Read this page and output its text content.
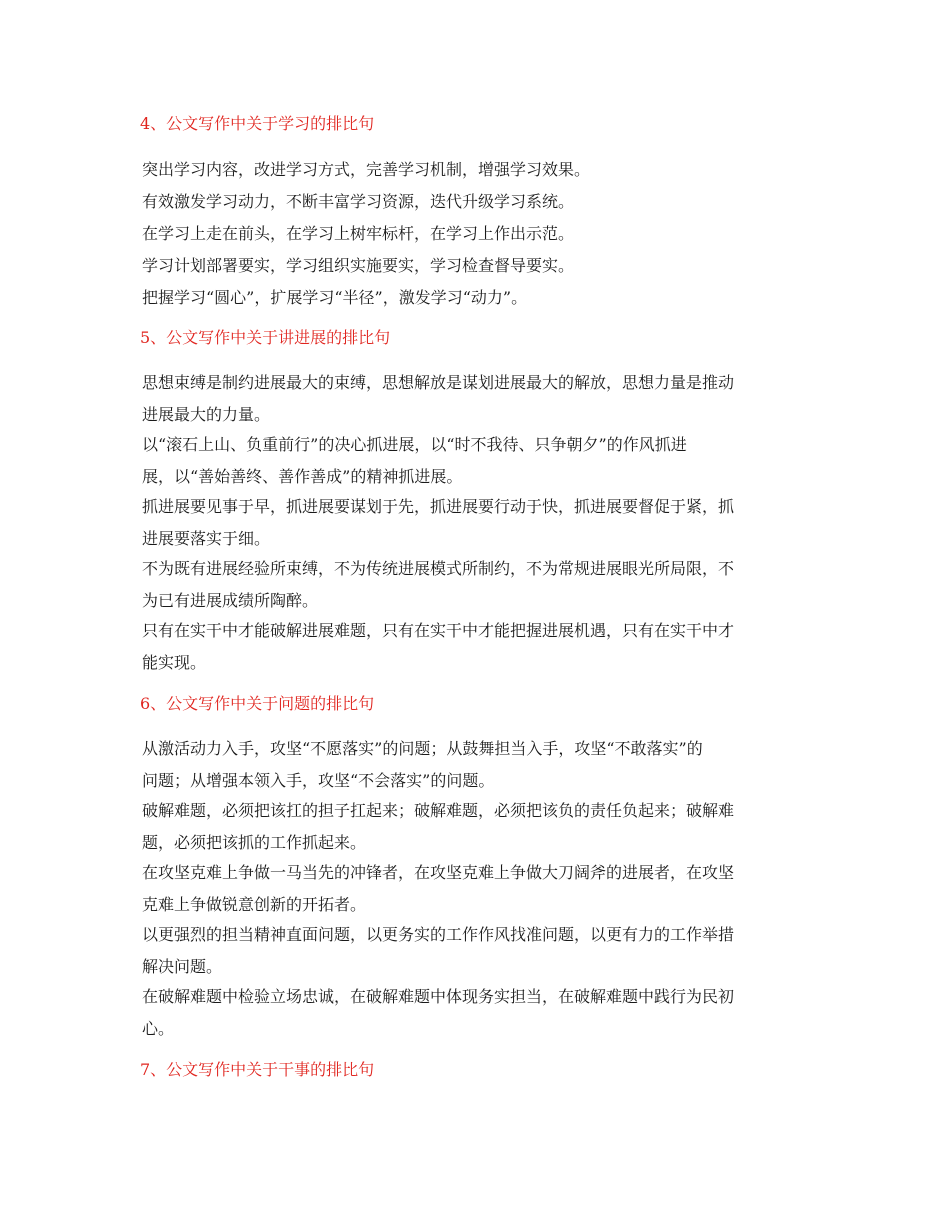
4、公文写作中关于学习的排比句

突出学习内容，改进学习方式，完善学习机制，增强学习效果。

有效激发学习动力，不断丰富学习资源，迭代升级学习系统。

在学习上走在前头，在学习上树牢标杆，在学习上作出示范。

学习计划部署要实，学习组织实施要实，学习检查督导要实。

把握学习“圆心”，扩展学习“半径”，激发学习“动力”。

5、公文写作中关于讲进展的排比句

思想束缚是制约进展最大的束缚，思想解放是谋划进展最大的解放，思想力量是推动
进展最大的力量。

以“滚石上山、负重前行”的决心抓进展，以“时不我待、只争朝夕”的作风抓进
展，以“善始善终、善作善成”的精神抓进展。

抓进展要见事于早，抓进展要谋划于先，抓进展要行动于快，抓进展要督促于紧，抓
进展要落实于细。

不为既有进展经验所束缚，不为传统进展模式所制约，不为常规进展眼光所局限，不
为已有进展成绩所陶醉。

只有在实干中才能破解进展难题，只有在实干中才能把握进展机遇，只有在实干中才
能实现。

6、公文写作中关于问题的排比句

从激活动力入手，攻坚“不愿落实”的问题；从鼓舞担当入手，攻坚“不敢落实”的
问题；从增强本领入手，攻坚“不会落实”的问题。

破解难题，必须把该扛的担子扛起来；破解难题，必须把该负的责任负起来；破解难
题，必须把该抓的工作抓起来。

在攻坚克难上争做一马当先的冲锋者，在攻坚克难上争做大刀阔斧的进展者，在攻坚
克难上争做锐意创新的开拓者。

以更强烈的担当精神直面问题，以更务实的工作作风找准问题，以更有力的工作举措
解决问题。

在破解难题中检验立场忠诚，在破解难题中体现务实担当，在破解难题中践行为民初
心。

7、公文写作中关于干事的排比句
